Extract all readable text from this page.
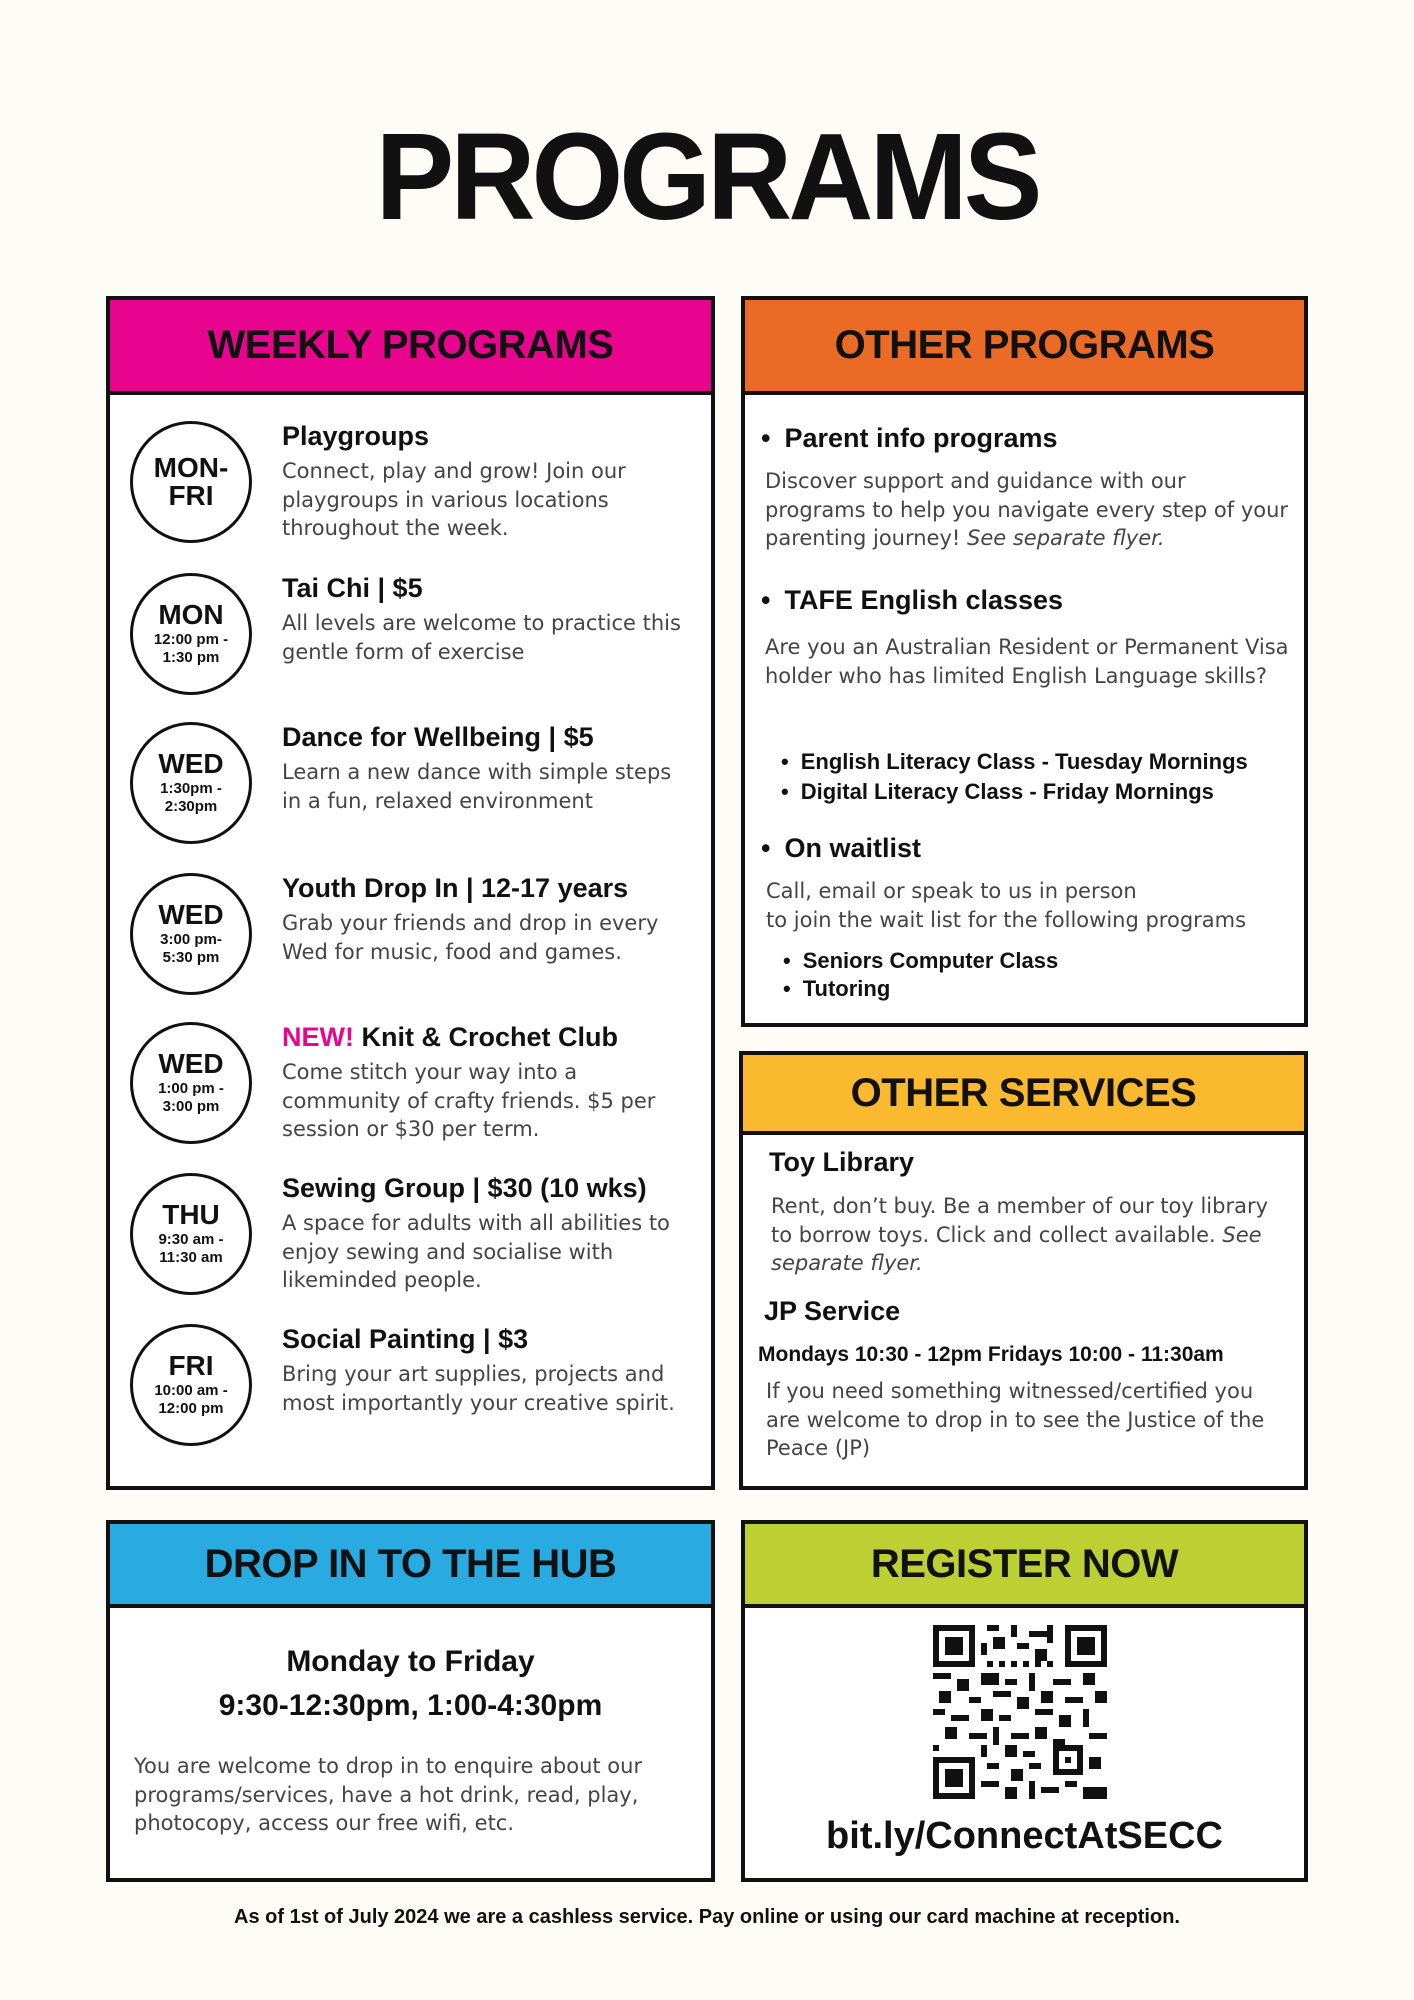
PROGRAMS
WEEKLY PROGRAMS
MON-
FRI
Playgroups
Connect, play and grow! Join our playgroups in various locations throughout the week.
MON
12:00 pm -
1:30 pm
Tai Chi | $5
All levels are welcome to practice this gentle form of exercise
WED
1:30pm -
2:30pm
Dance for Wellbeing | $5
Learn a new dance with simple steps in a fun, relaxed environment
WED
3:00 pm-
5:30 pm
Youth Drop In | 12-17 years
Grab your friends and drop in every Wed for music, food and games.
WED
1:00 pm -
3:00 pm
NEW! Knit & Crochet Club
Come stitch your way into a community of crafty friends. $5 per session or $30 per term.
THU
9:30 am -
11:30 am
Sewing Group | $30 (10 wks)
A space for adults with all abilities to enjoy sewing and socialise with likeminded people.
FRI
10:00 am -
12:00 pm
Social Painting | $3
Bring your art supplies, projects and most importantly your creative spirit.
OTHER PROGRAMS
• Parent info programs
Discover support and guidance with our programs to help you navigate every step of your parenting journey! See separate flyer.
• TAFE English classes
Are you an Australian Resident or Permanent Visa holder who has limited English Language skills?
• English Literacy Class - Tuesday Mornings
• Digital Literacy Class - Friday Mornings
• On waitlist
Call, email or speak to us in person
to join the wait list for the following programs
• Seniors Computer Class
• Tutoring
OTHER SERVICES
Toy Library
Rent, don’t buy. Be a member of our toy library to borrow toys. Click and collect available. See separate flyer.
JP Service
Mondays 10:30 - 12pm Fridays 10:00 - 11:30am
If you need something witnessed/certified you are welcome to drop in to see the Justice of the Peace (JP)
DROP IN TO THE HUB
Monday to Friday
9:30-12:30pm, 1:00-4:30pm
You are welcome to drop in to enquire about our programs/services, have a hot drink, read, play, photocopy, access our free wifi, etc.
REGISTER NOW
bit.ly/ConnectAtSECC
As of 1st of July 2024 we are a cashless service. Pay online or using our card machine at reception.
